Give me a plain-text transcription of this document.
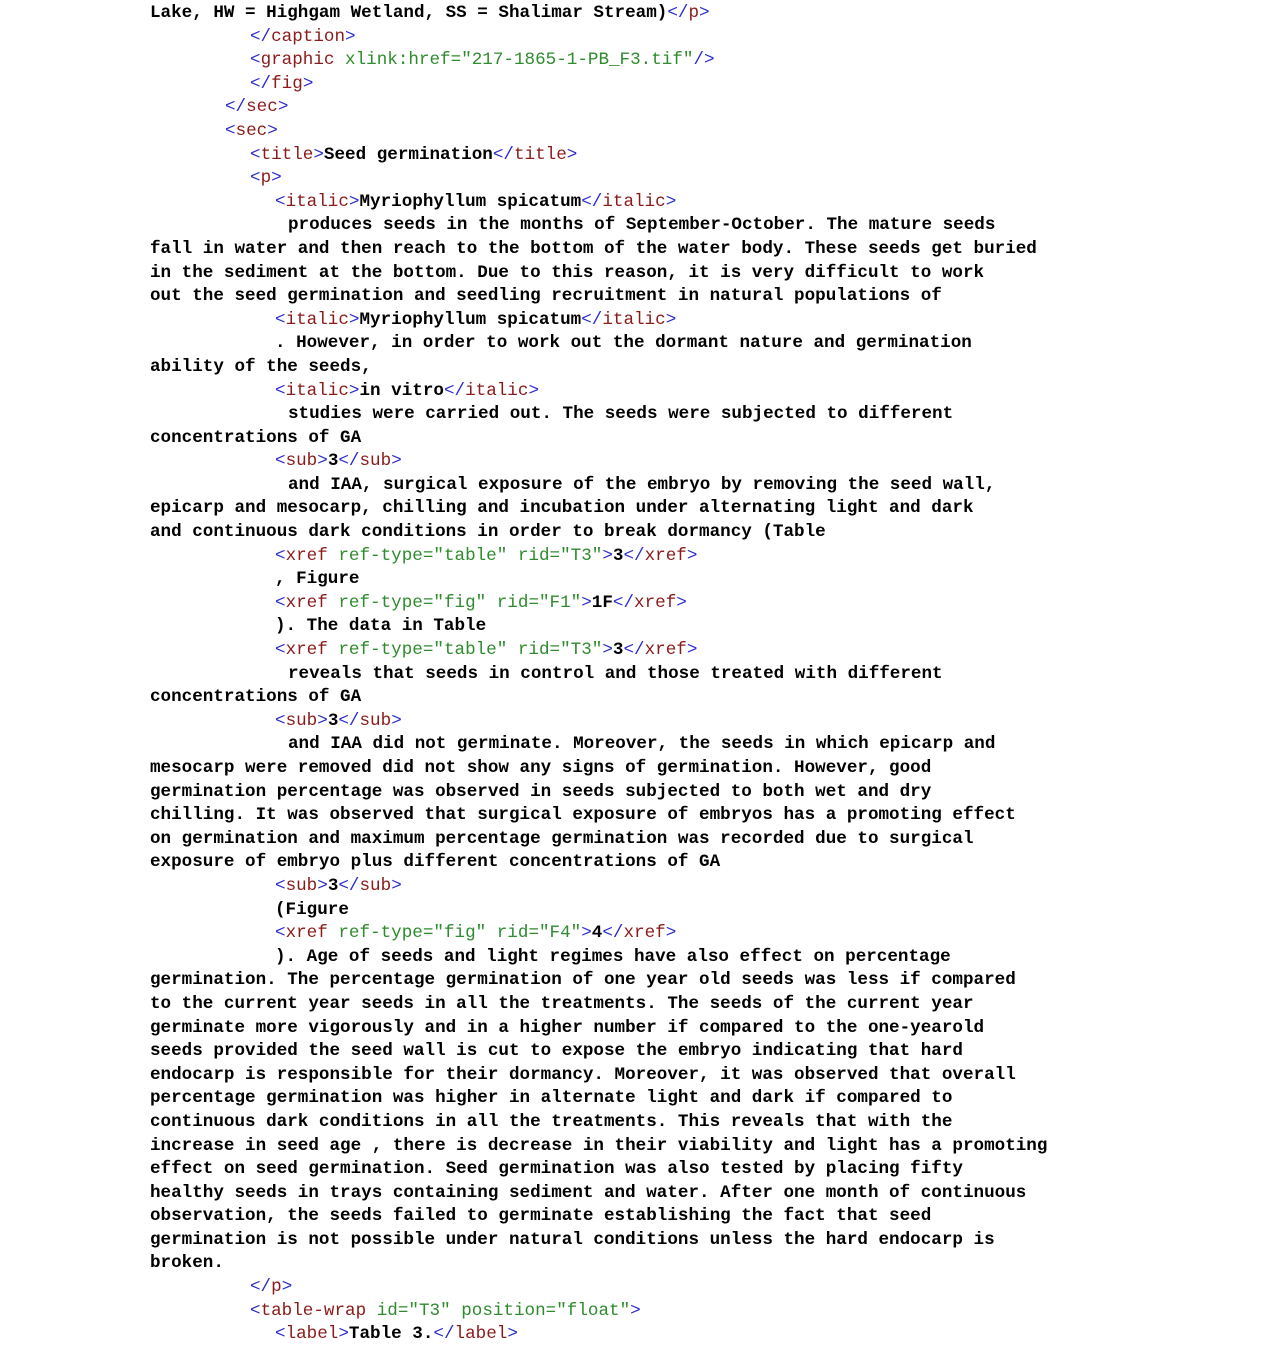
Lake, HW = Highgam Wetland, SS = Shalimar Stream)</p>
</caption>
<graphic xlink:href="217-1865-1-PB_F3.tif"/>
</fig>
</sec>
<sec>
<title>Seed germination</title>
<p>
<italic>Myriophyllum spicatum</italic>
produces seeds in the months of September-October. The mature seeds
fall in water and then reach to the bottom of the water body. These seeds get buried
in the sediment at the bottom. Due to this reason, it is very difficult to work
out the seed germination and seedling recruitment in natural populations of
<italic>Myriophyllum spicatum</italic>
. However, in order to work out the dormant nature and germination
ability of the seeds,
<italic>in vitro</italic>
studies were carried out. The seeds were subjected to different
concentrations of GA
<sub>3</sub>
and IAA, surgical exposure of the embryo by removing the seed wall,
epicarp and mesocarp, chilling and incubation under alternating light and dark
and continuous dark conditions in order to break dormancy (Table
<xref ref-type="table" rid="T3">3</xref>
, Figure
<xref ref-type="fig" rid="F1">1F</xref>
). The data in Table
<xref ref-type="table" rid="T3">3</xref>
reveals that seeds in control and those treated with different
concentrations of GA
<sub>3</sub>
and IAA did not germinate. Moreover, the seeds in which epicarp and
mesocarp were removed did not show any signs of germination. However, good
germination percentage was observed in seeds subjected to both wet and dry
chilling. It was observed that surgical exposure of embryos has a promoting effect
on germination and maximum percentage germination was recorded due to surgical
exposure of embryo plus different concentrations of GA
<sub>3</sub>
(Figure
<xref ref-type="fig" rid="F4">4</xref>
). Age of seeds and light regimes have also effect on percentage
germination. The percentage germination of one year old seeds was less if compared
to the current year seeds in all the treatments. The seeds of the current year
germinate more vigorously and in a higher number if compared to the one-yearold
seeds provided the seed wall is cut to expose the embryo indicating that hard
endocarp is responsible for their dormancy. Moreover, it was observed that overall
percentage germination was higher in alternate light and dark if compared to
continuous dark conditions in all the treatments. This reveals that with the
increase in seed age , there is decrease in their viability and light has a promoting
effect on seed germination. Seed germination was also tested by placing fifty
healthy seeds in trays containing sediment and water. After one month of continuous
observation, the seeds failed to germinate establishing the fact that seed
germination is not possible under natural conditions unless the hard endocarp is
broken.
</p>
<table-wrap id="T3" position="float">
<label>Table 3.</label>
